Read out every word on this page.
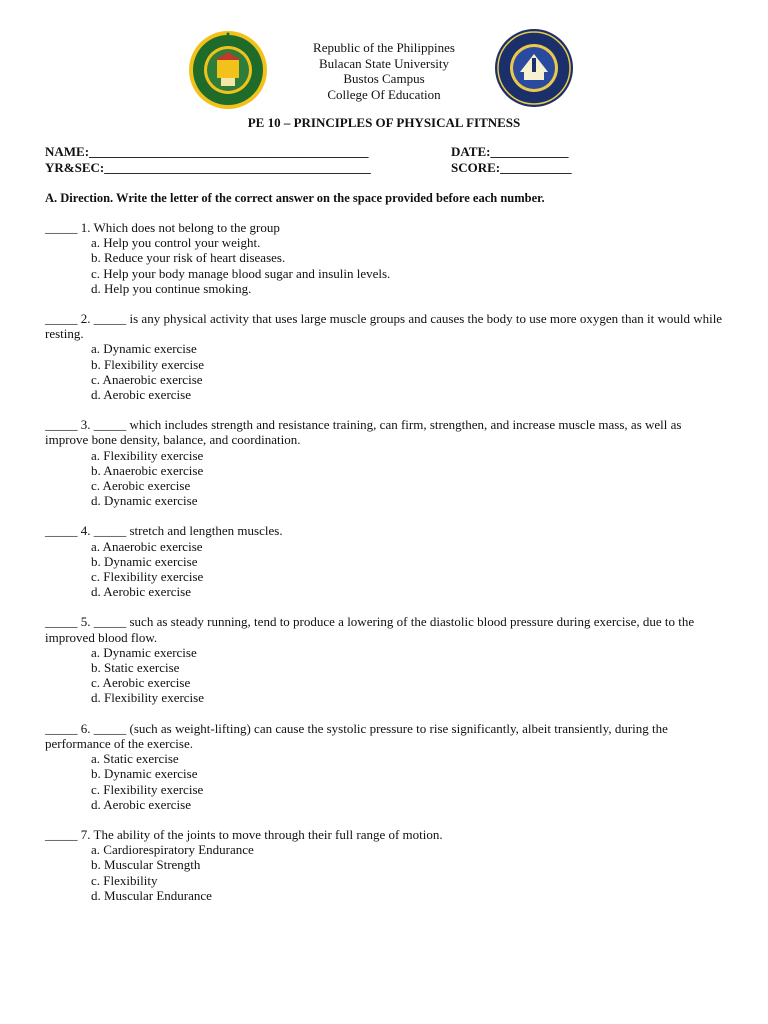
Republic of the Philippines
Bulacan State University
Bustos Campus
College Of Education
PE 10 – PRINCIPLES OF PHYSICAL FITNESS
NAME:___________________________________________	DATE:____________
YR&SEC:_________________________________________	SCORE:___________
A. Direction. Write the letter of the correct answer on the space provided before each number.

_____ 1. Which does not belong to the group

a. Help you control your weight.
b. Reduce your risk of heart diseases.
c. Help your body manage blood sugar and insulin levels.
d. Help you continue smoking.

_____ 2. _____ is any physical activity that uses large muscle groups and causes the body to use more oxygen than it would while resting.

a. Dynamic exercise
b. Flexibility exercise
c. Anaerobic exercise
d. Aerobic exercise

_____ 3. _____ which includes strength and resistance training, can firm, strengthen, and increase muscle mass, as well as improve bone density, balance, and coordination.

a. Flexibility exercise
b. Anaerobic exercise
c. Aerobic exercise
d. Dynamic exercise

_____ 4. _____ stretch and lengthen muscles.

a. Anaerobic exercise
b. Dynamic exercise
c. Flexibility exercise
d. Aerobic exercise

_____ 5. _____ such as steady running, tend to produce a lowering of the diastolic blood pressure during exercise, due to the improved blood flow.

a. Dynamic exercise
b. Static exercise
c. Aerobic exercise
d. Flexibility exercise

_____ 6. _____ (such as weight-lifting) can cause the systolic pressure to rise significantly, albeit transiently, during the performance of the exercise.

a. Static exercise
b. Dynamic exercise
c. Flexibility exercise
d. Aerobic exercise

_____ 7. The ability of the joints to move through their full range of motion.

a. Cardiorespiratory Endurance
b. Muscular Strength
c. Flexibility
d. Muscular Endurance
